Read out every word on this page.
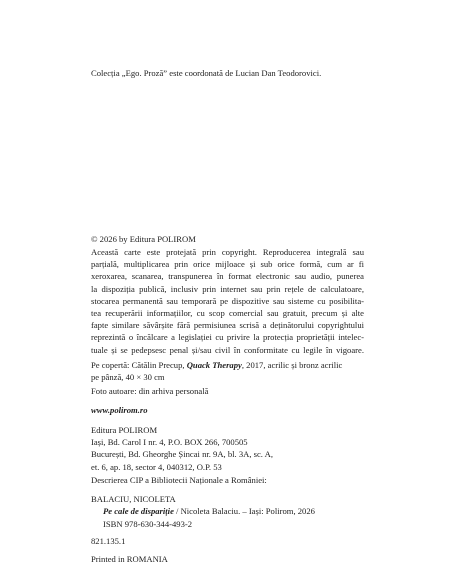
Colecția „Ego. Proză” este coordonată de Lucian Dan Teodorovici.

© 2026 by Editura POLIROM

Această carte este protejată prin copyright. Reproducerea integrală sau
parțială, multiplicarea prin orice mijloace și sub orice formă, cum ar fi
xeroxarea, scanarea, transpunerea în format electronic sau audio, punerea
la dispoziția publică, inclusiv prin internet sau prin rețele de calculatoare,
stocarea permanentă sau temporară pe dispozitive sau sisteme cu posibilita-
tea recuperării informațiilor, cu scop comercial sau gratuit, precum și alte
fapte similare săvârșite fără permisiunea scrisă a deținătorului copyrightului
reprezintă o încălcare a legislației cu privire la protecția proprietății intelec-
tuale și se pedepsesc penal și/sau civil în conformitate cu legile în vigoare.
Pe copertă: Cătălin Precup, Quack Therapy, 2017, acrilic și bronz acrilic
pe pânză, 40 × 30 cm

Foto autoare: din arhiva personală

www.polirom.ro

Editura POLIROM
Iași, Bd. Carol I nr. 4, P.O. BOX 266, 700505
București, Bd. Gheorghe Șincai nr. 9A, bl. 3A, sc. A,
et. 6, ap. 18, sector 4, 040312, O.P. 53
Descrierea CIP a Bibliotecii Naționale a României:
BALACIU, NICOLETA
Pe cale de dispariție / Nicoleta Balaciu. – Iași: Polirom, 2026
ISBN 978-630-344-493-2

821.135.1

Printed in ROMANIA
